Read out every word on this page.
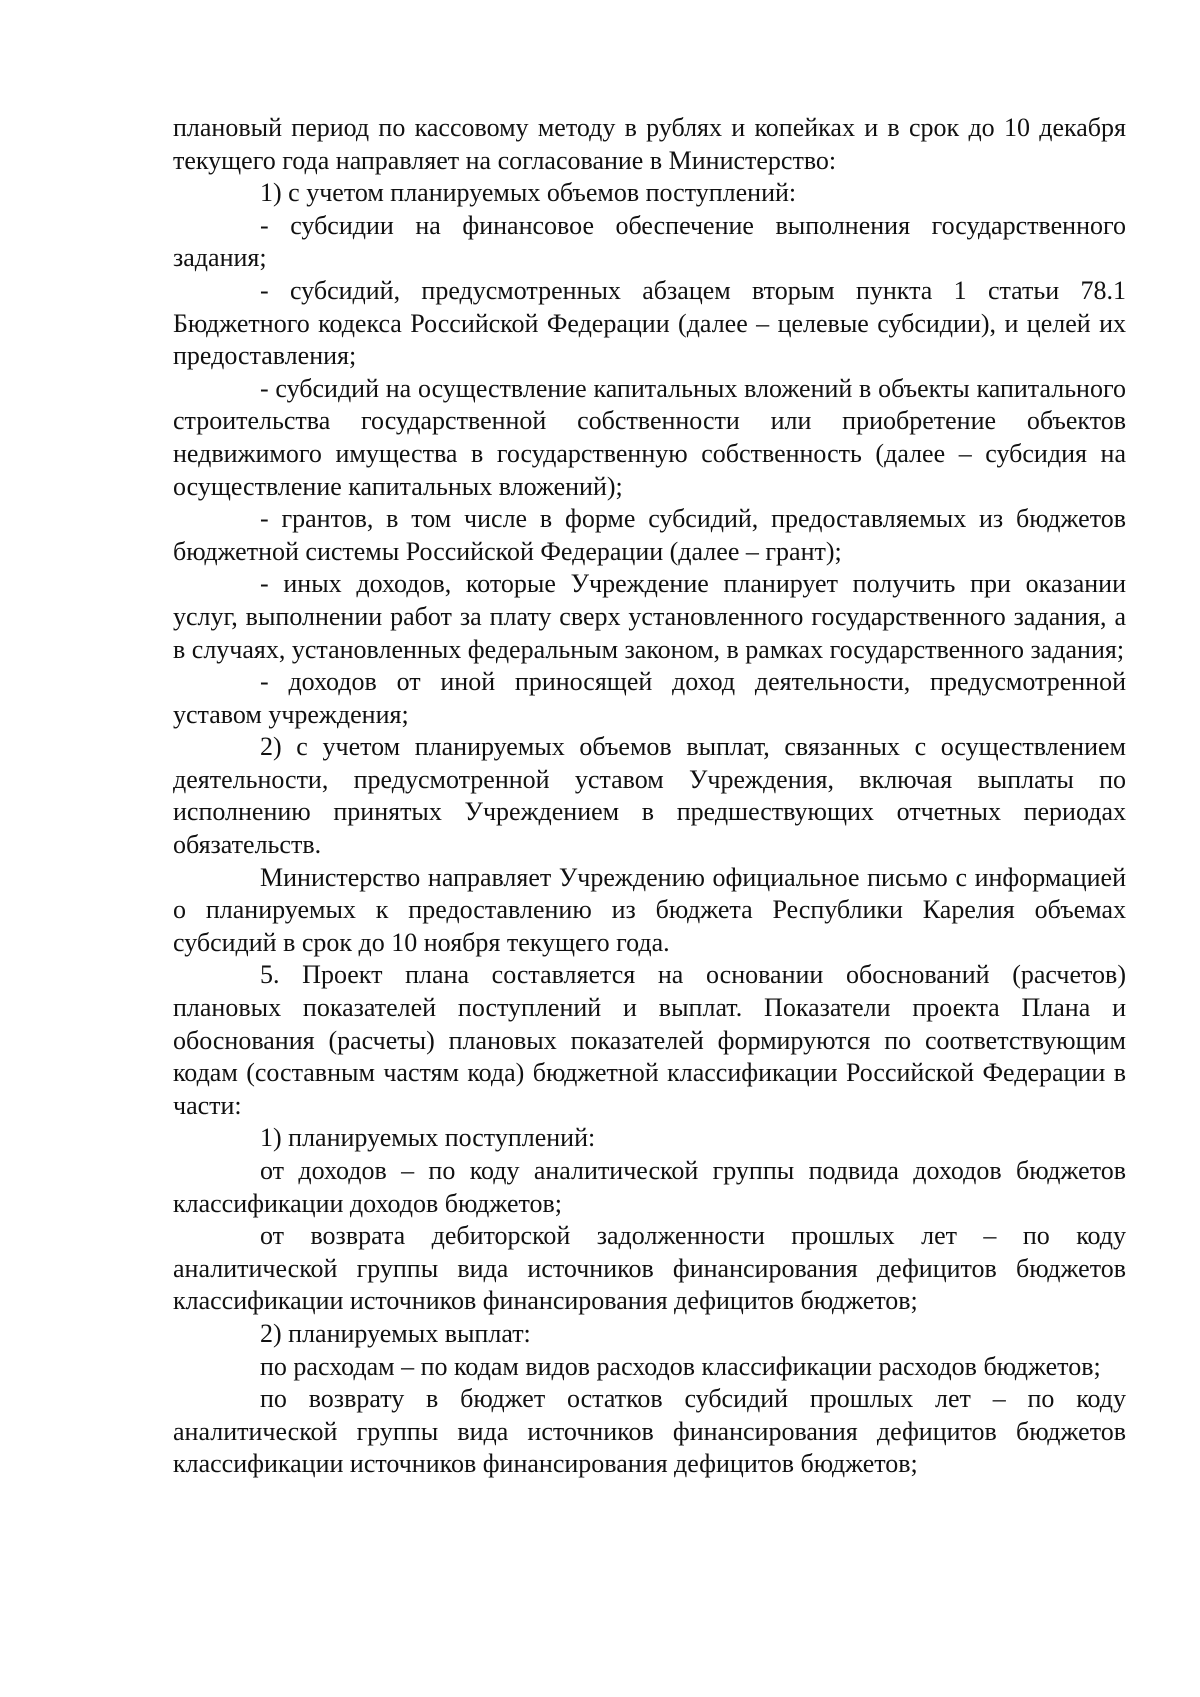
плановый период по кассовому методу в рублях и копейках и в срок до 10 декабря текущего года направляет на согласование в Министерство:

1) с учетом планируемых объемов поступлений:

- субсидии на финансовое обеспечение выполнения государственного задания;

- субсидий, предусмотренных абзацем вторым пункта 1 статьи 78.1 Бюджетного кодекса Российской Федерации (далее – целевые субсидии), и целей их предоставления;

- субсидий на осуществление капитальных вложений в объекты капитального строительства государственной собственности или приобретение объектов недвижимого имущества в государственную собственность (далее – субсидия на осуществление капитальных вложений);

- грантов, в том числе в форме субсидий, предоставляемых из бюджетов бюджетной системы Российской Федерации (далее – грант);

- иных доходов, которые Учреждение планирует получить при оказании услуг, выполнении работ за плату сверх установленного государственного задания, а в случаях, установленных федеральным законом, в рамках государственного задания;

- доходов от иной приносящей доход деятельности, предусмотренной уставом учреждения;

2) с учетом планируемых объемов выплат, связанных с осуществлением деятельности, предусмотренной уставом Учреждения, включая выплаты по исполнению принятых Учреждением в предшествующих отчетных периодах обязательств.

Министерство направляет Учреждению официальное письмо с информацией о планируемых к предоставлению из бюджета Республики Карелия объемах субсидий в срок до 10 ноября текущего года.

5. Проект плана составляется на основании обоснований (расчетов) плановых показателей поступлений и выплат. Показатели проекта Плана и обоснования (расчеты) плановых показателей формируются по соответствующим кодам (составным частям кода) бюджетной классификации Российской Федерации в части:

1) планируемых поступлений:

от доходов – по коду аналитической группы подвида доходов бюджетов классификации доходов бюджетов;

от возврата дебиторской задолженности прошлых лет – по коду аналитической группы вида источников финансирования дефицитов бюджетов классификации источников финансирования дефицитов бюджетов;

2) планируемых выплат:

по расходам – по кодам видов расходов классификации расходов бюджетов;

по возврату в бюджет остатков субсидий прошлых лет – по коду аналитической группы вида источников финансирования дефицитов бюджетов классификации источников финансирования дефицитов бюджетов;
